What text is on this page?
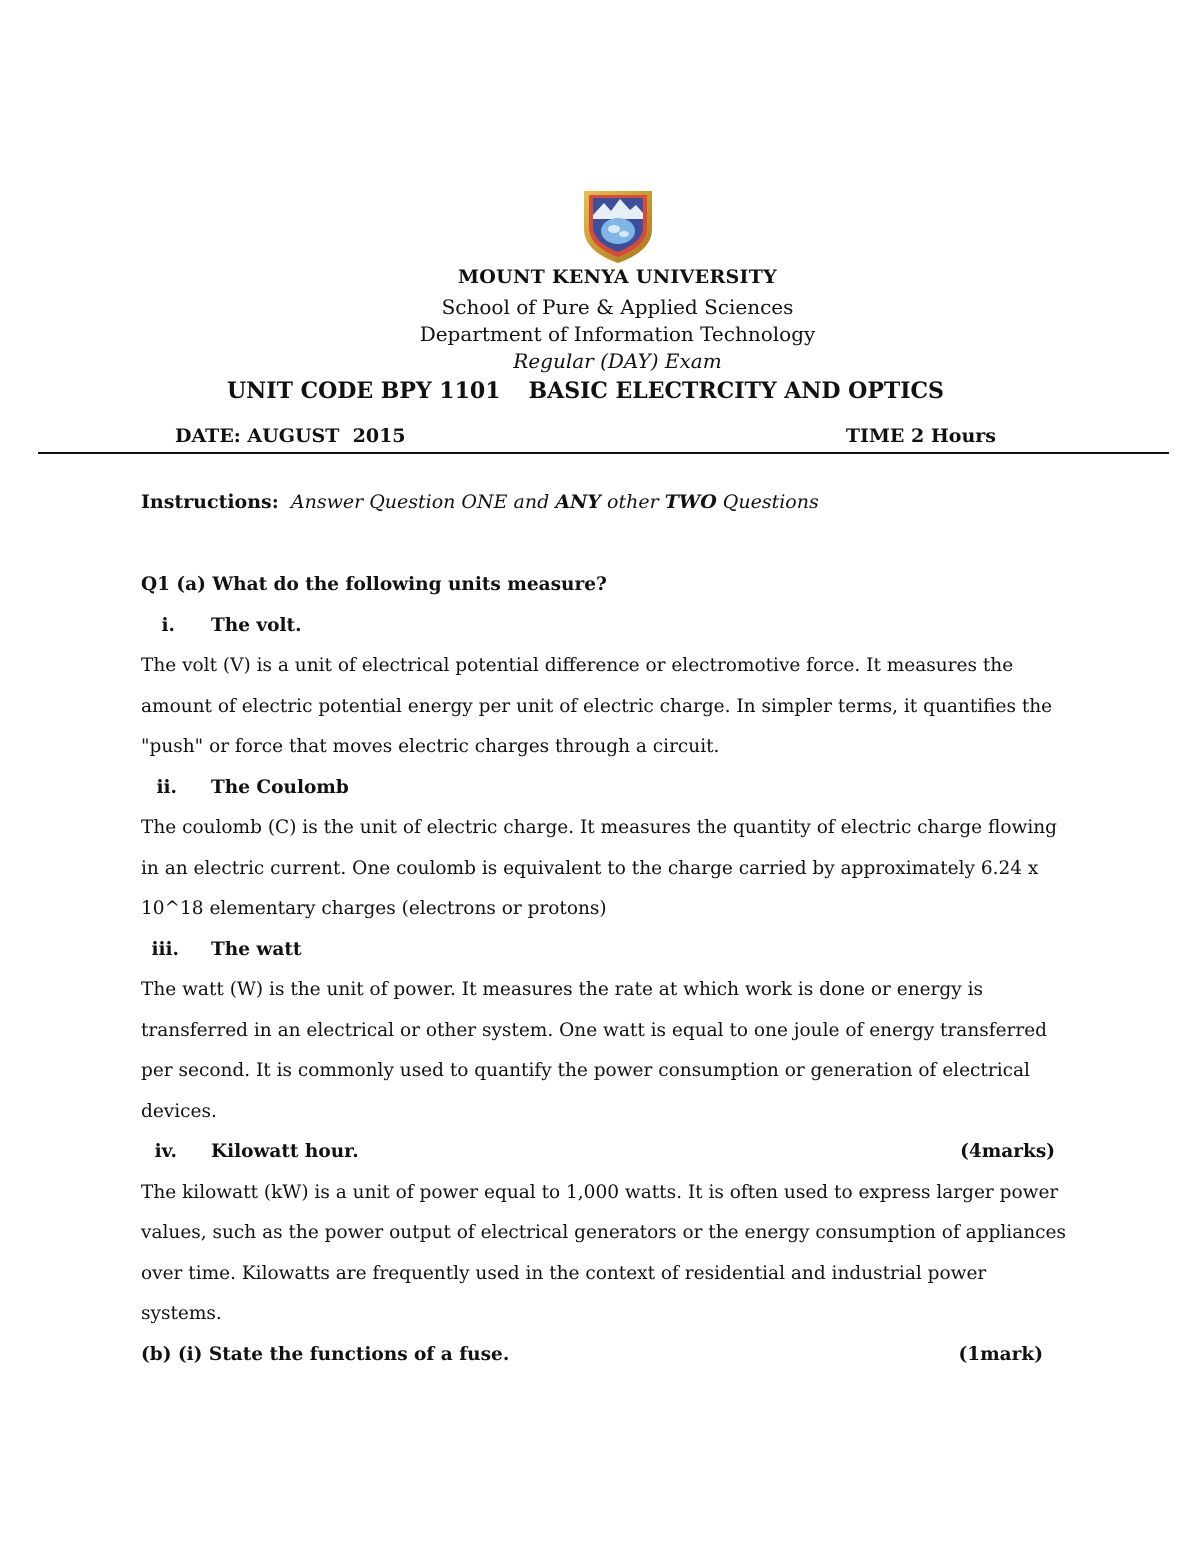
MOUNT KENYA UNIVERSITY
School of Pure & Applied Sciences
Department of Information Technology
Regular (DAY) Exam
UNIT CODE BPY 1101 BASIC ELECTRCITY AND OPTICS
DATE: AUGUST  2015	TIME 2 Hours
Instructions: Answer Question ONE and ANY other TWO Questions
Q1 (a) What do the following units measure?
i. The volt.
The volt (V) is a unit of electrical potential difference or electromotive force. It measures the
amount of electric potential energy per unit of electric charge. In simpler terms, it quantifies the
"push" or force that moves electric charges through a circuit.
ii. The Coulomb
The coulomb (C) is the unit of electric charge. It measures the quantity of electric charge flowing
in an electric current. One coulomb is equivalent to the charge carried by approximately 6.24 x
10^18 elementary charges (electrons or protons)
iii. The watt
The watt (W) is the unit of power. It measures the rate at which work is done or energy is
transferred in an electrical or other system. One watt is equal to one joule of energy transferred
per second. It is commonly used to quantify the power consumption or generation of electrical
devices.
iv. Kilowatt hour.	(4marks)
The kilowatt (kW) is a unit of power equal to 1,000 watts. It is often used to express larger power
values, such as the power output of electrical generators or the energy consumption of appliances
over time. Kilowatts are frequently used in the context of residential and industrial power
systems.
(b) (i) State the functions of a fuse.	(1mark)
